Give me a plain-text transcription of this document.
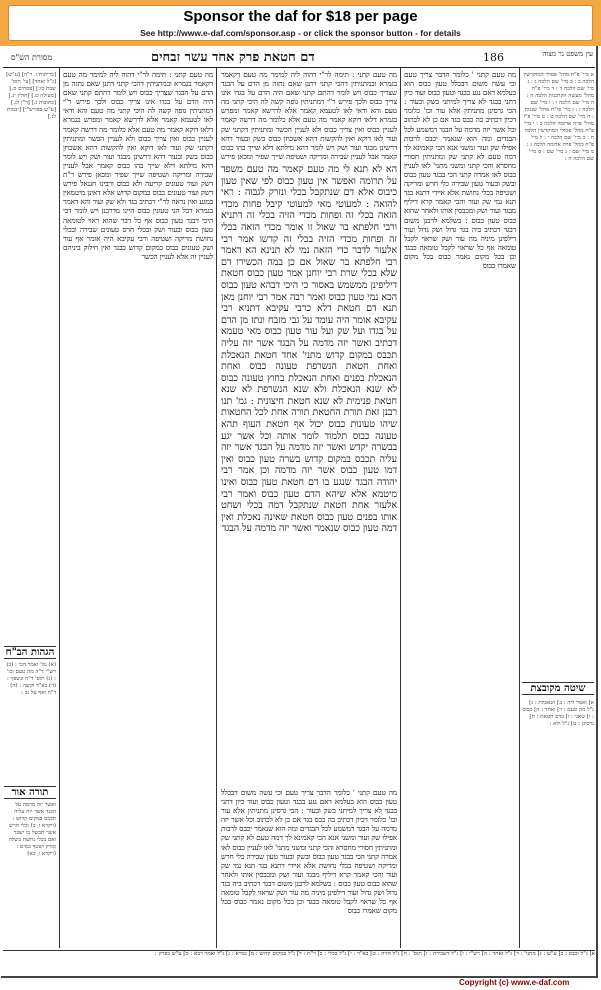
Sponsor the daf for $18 per page
See http://www.e-daf.com/sponsor.asp - or click the sponsor button - for details
מסורת הש"ס	דם חטאת פרק אחד עשר זבחים	186	עין משפט נר מצוה
[כריתות ו. ר"ה] [ע"ש] [ג"ל ואחד] [עי' תוס' שבת כז:] [פסחים ס.] [מעילה ט.] [חולין יג.] [כתובות נ.] [ר"ן לג.] [ע"ש בפירש"י] [יבמות לג.]
הגהות הב"ח
(א) גמ' ואמר הכי : (ב) רש"י ד"ה מה טעם וכו' : (ג) תוס' ד"ה ונשפך : (ד) בא"ד וקשה : (ה) ד"ה ואף על גב :
תורה אור
ואשר יזה מדמה על הבגד אשר יזה עליה תכבס במקום קדוש : (ויקרא ו, כ) וכלי חרש אשר תבשל בו ישבר ואם בכלי נחשת בשלה ומרק ושטף במים : (ויקרא ו, כא)
מה טעם קתני : תימה לר"י דהוה ליה למימר מה טעם דקאמר בגמרא ובמתניתין דהכי קתני דתנן שאם נתזה מן הדם על הבגד שצריך כבוס ויש לומר דהתם קתני שאם היה הדם על בגדו אינו צריך כבוס ולכך פירש ר"י דמתניתין גופה קשה לה היכי קתני מה טעם והא ודאי לאו לטעמא קאמר אלא לדרשא קאמר ומפרש בגמרא דלאו דוקא קאמר מה טעם אלא כלומר מה דרשה קאמר לעניין כבוס ואין צריך כבוס ולא לעניין הכשר ומתניתין דקתני שק ועור לאו דוקא ואין להקשות דהא אשכחן כבוס בשק ובעור דהא דרשינן מבגד ועור ושק ויש לומר דהא מילתא דלא שייך בהו כבוס קאמר אבל לעניין שבירה ומריקה ושטיפה שייך שפיר ומכאן פירש ר"ת דשק ועור טעונים קריעה ולא כבוס ורבינו חננאל פירש דשק ועור טעונים כבוס במקום קדוש אלא דאינן מיטמאין במגע ואין נראה לר"י דכתיב בגד ולא שק ועור והא דאמר בגמרא דכל הני טעונין כבוס היינו מדרבנן ויש לומר דכי היכי דבגד טעון כבוס אף כל דבר שהוא ראוי לטומאה טעון כבוס ובעור ושק ובכלי חרס טעונים שבירה ובכלי נחושת מריקה ושטיפה ורבי עקיבא היה אומר אף עור ושק טעונים כבוס במקום קדוש כבגד ואין חילוק ביניהם לעניין זה אלא לעניין הכשר
הא לא תנא לי מה טעם קאמר מה טעם משפד על תרומה ואפשר אין טעון כבוס לפי שאין טעון כיבוס אלא דם שנתקבל בכלי ונזרק לגבוה : ראי להואה : למעוטי מאי למעוטי קיבל פחות מכדי הזאה בכלי זה ופחות מכדי הזיה בכלי זה דתניא ורבי חלפתא בר שאול זו אומר מכדי הזאה בכלי זה ופחות מכדי הזיה בכלי זה קדשו אמר רבי אלעזר לדבר כדי הזאה נמי לא תנינא הא דאמר רבי חלפתא בר שאול אם כן במה הכשירו דם שלא בכלי שרת רבי יוחנן אמר טעון כבוס חטאת דיליפינן ממשמש באסור כי היכי דבהא טעון כבוס הכא נמי טעון כבוס ואמר רבה אמר רבי יוחנן מאן תנא דם חטאת דלא כרבי עקיבא דתניא רבי עקיבא אומר היה עומד על גבי מזבח ונתז מן הדם על בגדו ועל שק ועל עור טעון כבוס מאי טעמא דכתיב ואשר יזה מדמה על הבגד אשר יזה עליה תכבס במקום קדוש מתני' אחד חטאת הנאכלת ואחת חטאת הנשרפת טעונה כבוס ואחת הנאכלת בפנים ואחת הנאכלת בחוץ טעונה כבוס לא שנא הנאכלת ולא שנא הנשרפת לא שנא חטאת פנימית לא שנא חטאת חיצונית : גמ' תנו רבנן זאת תורת החטאת תורה אחת לכל החטאות שיהו טעונות כבוס יכול אף חטאת העוף תהא טעונה כבוס תלמוד לומר אותה וכל אשר יגע בבשרה יקדש ואשר יזה מדמה על הבגד אשר יזה עליה תכבס במקום קדוש בשרה טעון כבוס ואין דמו טעון כבוס אשר יזה מדמה וכן אמר רבי יהודה הבגד שנגע בו דם חטאת טעון כבוס ואינו מיטמא אלא שיהא הדם טעון כבוס ואמר רבי אלעזר אחת חטאת שנתקבל דמה בכלי ושחט אותו בפנים טעון כבוס חטאת שאינה נאכלת ואין דמה טעון כבוס שנאמר ואשר יזה מדמה על הבגד
מה טעם קתני : תימה לר"י דהוה ליה למימר מה טעם דקאמר בגמרא ובמתניתין דהכי קתני דתנן שאם נתזה מן הדם על הבגד שצריך כבוס ויש לומר דהתם קתני שאם היה הדם על בגדו אינו צריך כבוס ולכך פירש ר"י דמתניתין גופה קשה לה היכי קתני מה טעם והא ודאי לאו לטעמא קאמר אלא לדרשא קאמר ומפרש בגמרא דלאו דוקא קאמר מה טעם אלא כלומר מה דרשה קאמר לעניין כבוס ואין צריך כבוס ולא לעניין הכשר ומתניתין דקתני שק ועור לאו דוקא ואין להקשות דהא אשכחן כבוס בשק ובעור דהא דרשינן מבגד ועור ושק ויש לומר דהא מילתא דלא שייך בהו כבוס קאמר אבל לעניין שבירה ומריקה ושטיפה שייך שפיר ומכאן פירש
מה טעם קתני ' כלומר הדבר צריך טעם וכי עשה משום דבכלל טעון כבוס הוא בעלמא דאם נגע בבגד וטעון כבוס ועוד כיון דתני בבגד לא צריך למיתני בשק ובעור : הכי גרסינן מתניתין אלא עור וכו' כלומר דכיון דכתיב בה כבס בגד אם כן לא לכתוב וכל אשר יזה מדמה על הבגד דמשמע לכל הבגדים ומה הוא שנאמר יכבס לרבות אפילו שק ועור ומשני אנא הכי קאמינא לך דמה טעם לא קתני שק ומתניתין חסורי מחסרא והכי קתני ומשני מתני' לאו לעניין כבוס לאו אמרה קתני הכי בבגד טעון כבוס ובשק ובעור טעון שבירה כלי חרש ומריקה ושטיפה בכלי נחושת אלא איידי דתנא בגד תנא נמי שק ועור והכי קאמר קרא דיליף מבגד ועור ושק ומכבסין אותו ולאחר שהוא כבוס טעון כבוס : בשלמא לרבנן משום דבגד דכתיב ביה בגד גדול ושק גדול ועור דילפינן מיניה מה עור ושק שראוי לקבל טומאה אף כל שראוי לקבל טומאה כבגד וכן בכל מקום נאמר כבוס בכל מקום שאמרו כבוס
מה טעם קתני ' כלומר הדבר צריך טעם וכי עשה משום דבכלל טעון כבוס הוא בעלמא דאם נגע בבגד וטעון כבוס ועוד כיון דתני בבגד לא צריך למיתני בשק ובעור : הכי גרסינן מתניתין אלא עור וכו' כלומר דכיון דכתיב בה כבס בגד אם כן לא לכתוב וכל אשר יזה מדמה על הבגד דמשמע לכל הבגדים ומה הוא שנאמר יכבס לרבות אפילו שק ועור ומשני אנא הכי קאמינא לך דמה טעם לא קתני שק ומתניתין חסורי מחסרא והכי קתני ומשני מתני' לאו לעניין כבוס לאו אמרה קתני הכי בבגד טעון כבוס ובשק ובעור טעון שבירה כלי חרש ומריקה ושטיפה בכלי נחושת אלא איידי דתנא בגד תנא נמי שק ועור והכי קאמר קרא דיליף מבגד ועור ושק ומכבסין אותו ולאחר שהוא כבוס טעון כבוס : בשלמא לרבנן משום דבגד דכתיב ביה בגד גדול ושק גדול ועור דילפינן מיניה מה עור ושק שראוי לקבל טומאה אף כל שראוי לקבל טומאה כבגד וכן בכל מקום נאמר כבוס בכל מקום שאמרו כבוס
א מיי' פ"ח מהל' פסולי המוקדשין הלכה ב : ב מיי' שם הלכה ג : ג מיי' שם הלכה ד : ד מיי' פ"ח מהל' מעשה הקרבנות הלכה ה : ה מיי' שם הלכה ו : ו מיי' שם הלכה ז : ז מיי' פי"ח מהל' שגגות : ח מיי' שם הלכה ט : ט מיי' פ"ז מהל' פרה אדומה הלכה ב : י מיי' פ"ח מהל' פסולי המוקדשין הלכה ח : כ מיי' שם הלכה י : ל מיי' פ"ח מהל' פרה אדומה הלכה ג : מ מיי' שם : נ מיי' שם : ס מיי' שם הלכה ה :
שיטה מקובצת
א] ואמר ליה : ב] הנאכלת : ג] ג"ל מה טעם : ד] ואחד : ה] כבוס : ו] שאני : ז] בדם חטאת : ח] גרסינן : ט] ג"ל ולא :
א] ג"ל וכבס : ב] ע"ש : ג] מתני' : ד] ג"ל ואחד : ה] רש"י : ו] ג"ל דשבירה : ז] תוס' : ח] ג"ל הזיה : ט] בא"ד : י] ג"ל בכלי : כ] ר"ת : ל] ג"ל במקום קדוש : מ] גמרא : נ] ג"ל ואמר רבא : ס] ע"ש בפרק :
Copyright (c) www.e-daf.com
